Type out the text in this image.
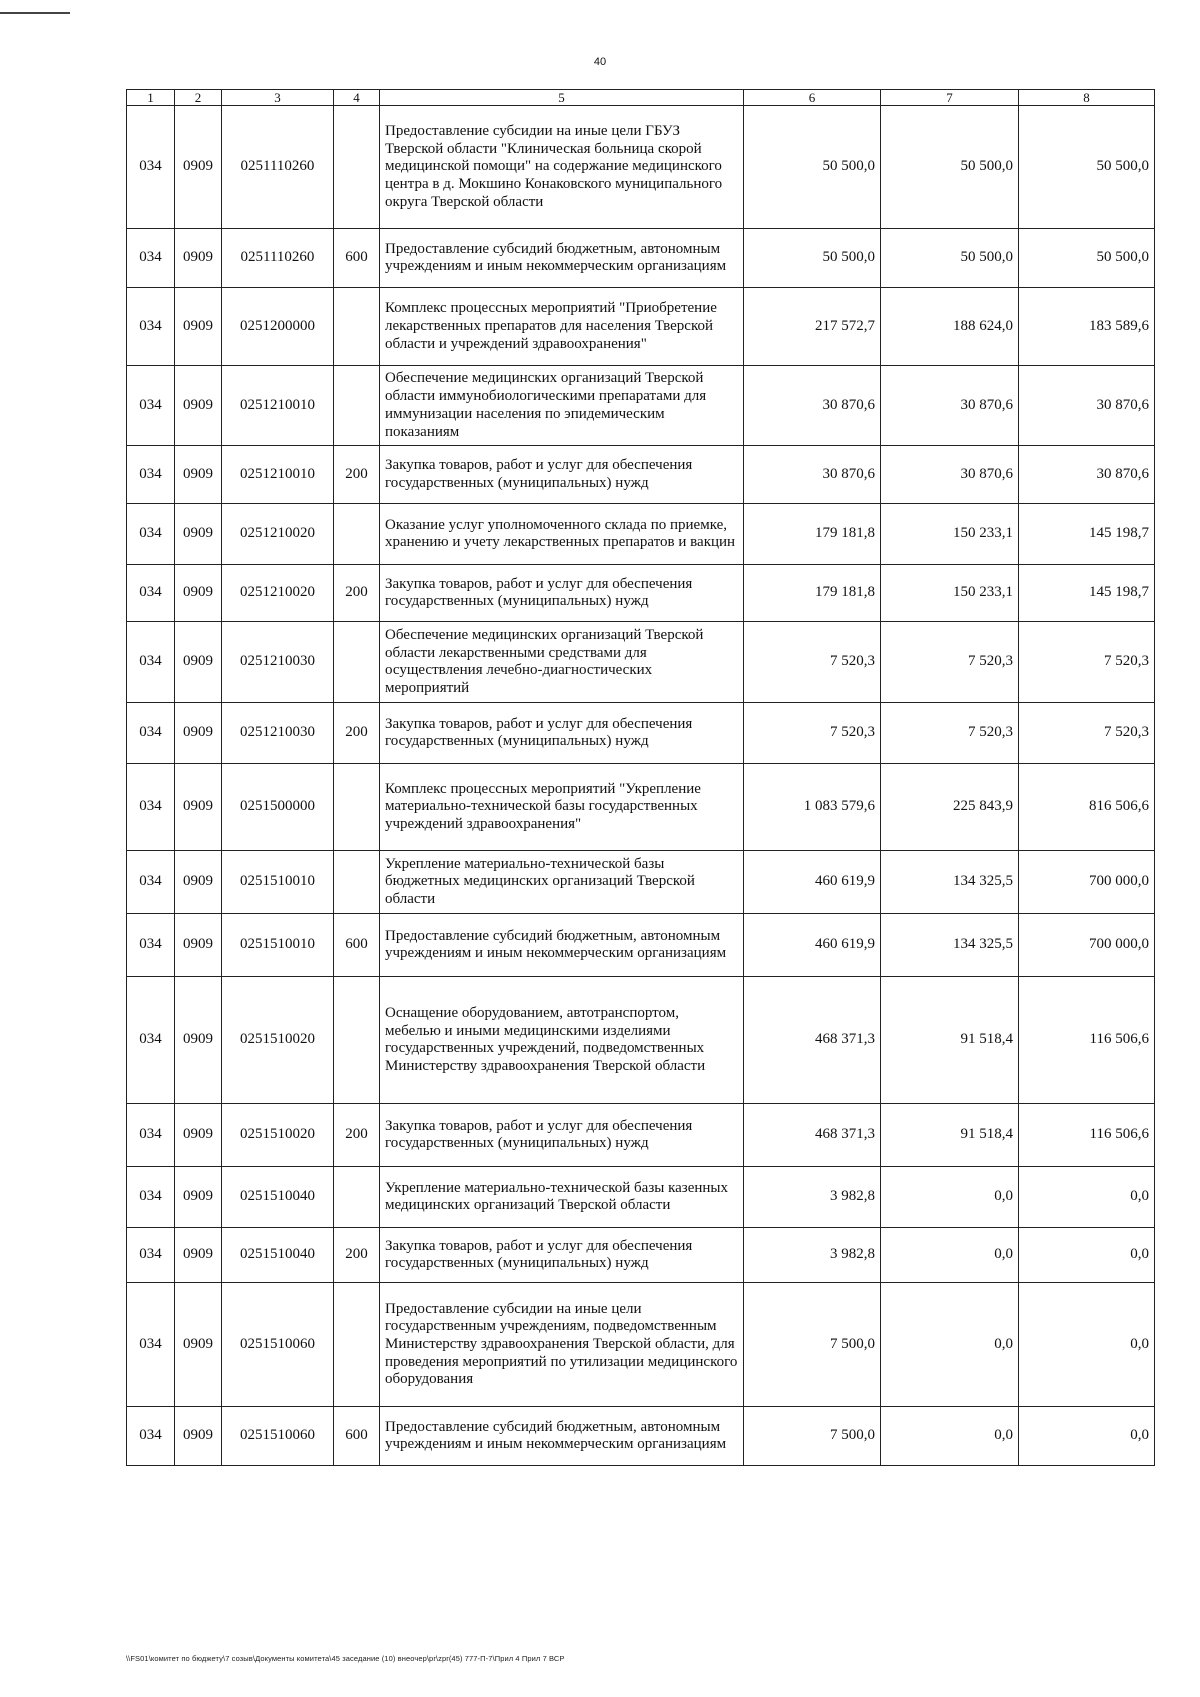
40
1	2	3	4	5	6	7	8
034	0909	0251110260		Предоставление субсидии на иные цели ГБУЗ Тверской области "Клиническая больница скорой медицинской помощи" на содержание медицинского центра в д. Мокшино Конаковского муниципального округа Тверской области	50 500,0	50 500,0	50 500,0
034	0909	0251110260	600	Предоставление субсидий бюджетным, автономным учреждениям и иным некоммерческим организациям	50 500,0	50 500,0	50 500,0
034	0909	0251200000		Комплекс процессных мероприятий "Приобретение лекарственных препаратов для населения Тверской области и учреждений здравоохранения"	217 572,7	188 624,0	183 589,6
034	0909	0251210010		Обеспечение медицинских организаций Тверской области иммунобиологическими препаратами для иммунизации населения по эпидемическим показаниям	30 870,6	30 870,6	30 870,6
034	0909	0251210010	200	Закупка товаров, работ и услуг для обеспечения государственных (муниципальных) нужд	30 870,6	30 870,6	30 870,6
034	0909	0251210020		Оказание услуг уполномоченного склада по приемке, хранению и учету лекарственных препаратов и вакцин	179 181,8	150 233,1	145 198,7
034	0909	0251210020	200	Закупка товаров, работ и услуг для обеспечения государственных (муниципальных) нужд	179 181,8	150 233,1	145 198,7
034	0909	0251210030		Обеспечение медицинских организаций Тверской области лекарственными средствами для осуществления лечебно-диагностических мероприятий	7 520,3	7 520,3	7 520,3
034	0909	0251210030	200	Закупка товаров, работ и услуг для обеспечения государственных (муниципальных) нужд	7 520,3	7 520,3	7 520,3
034	0909	0251500000		Комплекс процессных мероприятий "Укрепление материально-технической базы государственных учреждений здравоохранения"	1 083 579,6	225 843,9	816 506,6
034	0909	0251510010		Укрепление материально-технической базы бюджетных медицинских организаций Тверской области	460 619,9	134 325,5	700 000,0
034	0909	0251510010	600	Предоставление субсидий бюджетным, автономным учреждениям и иным некоммерческим организациям	460 619,9	134 325,5	700 000,0
034	0909	0251510020		Оснащение оборудованием, автотранспортом, мебелью и иными медицинскими изделиями государственных учреждений, подведомственных Министерству здравоохранения Тверской области	468 371,3	91 518,4	116 506,6
034	0909	0251510020	200	Закупка товаров, работ и услуг для обеспечения государственных (муниципальных) нужд	468 371,3	91 518,4	116 506,6
034	0909	0251510040		Укрепление материально-технической базы казенных медицинских организаций Тверской области	3 982,8	0,0	0,0
034	0909	0251510040	200	Закупка товаров, работ и услуг для обеспечения государственных (муниципальных) нужд	3 982,8	0,0	0,0
034	0909	0251510060		Предоставление субсидии на иные цели государственным учреждениям, подведомственным Министерству здравоохранения Тверской области, для проведения мероприятий по утилизации медицинского оборудования	7 500,0	0,0	0,0
034	0909	0251510060	600	Предоставление субсидий бюджетным, автономным учреждениям и иным некоммерческим организациям	7 500,0	0,0	0,0
\\FS01\комитет по бюджету\7 созыв\Документы комитета\45 заседание (10) внеочер\pr\zpr(45) 777-П-7\Прил 4 Прил 7 ВСР
